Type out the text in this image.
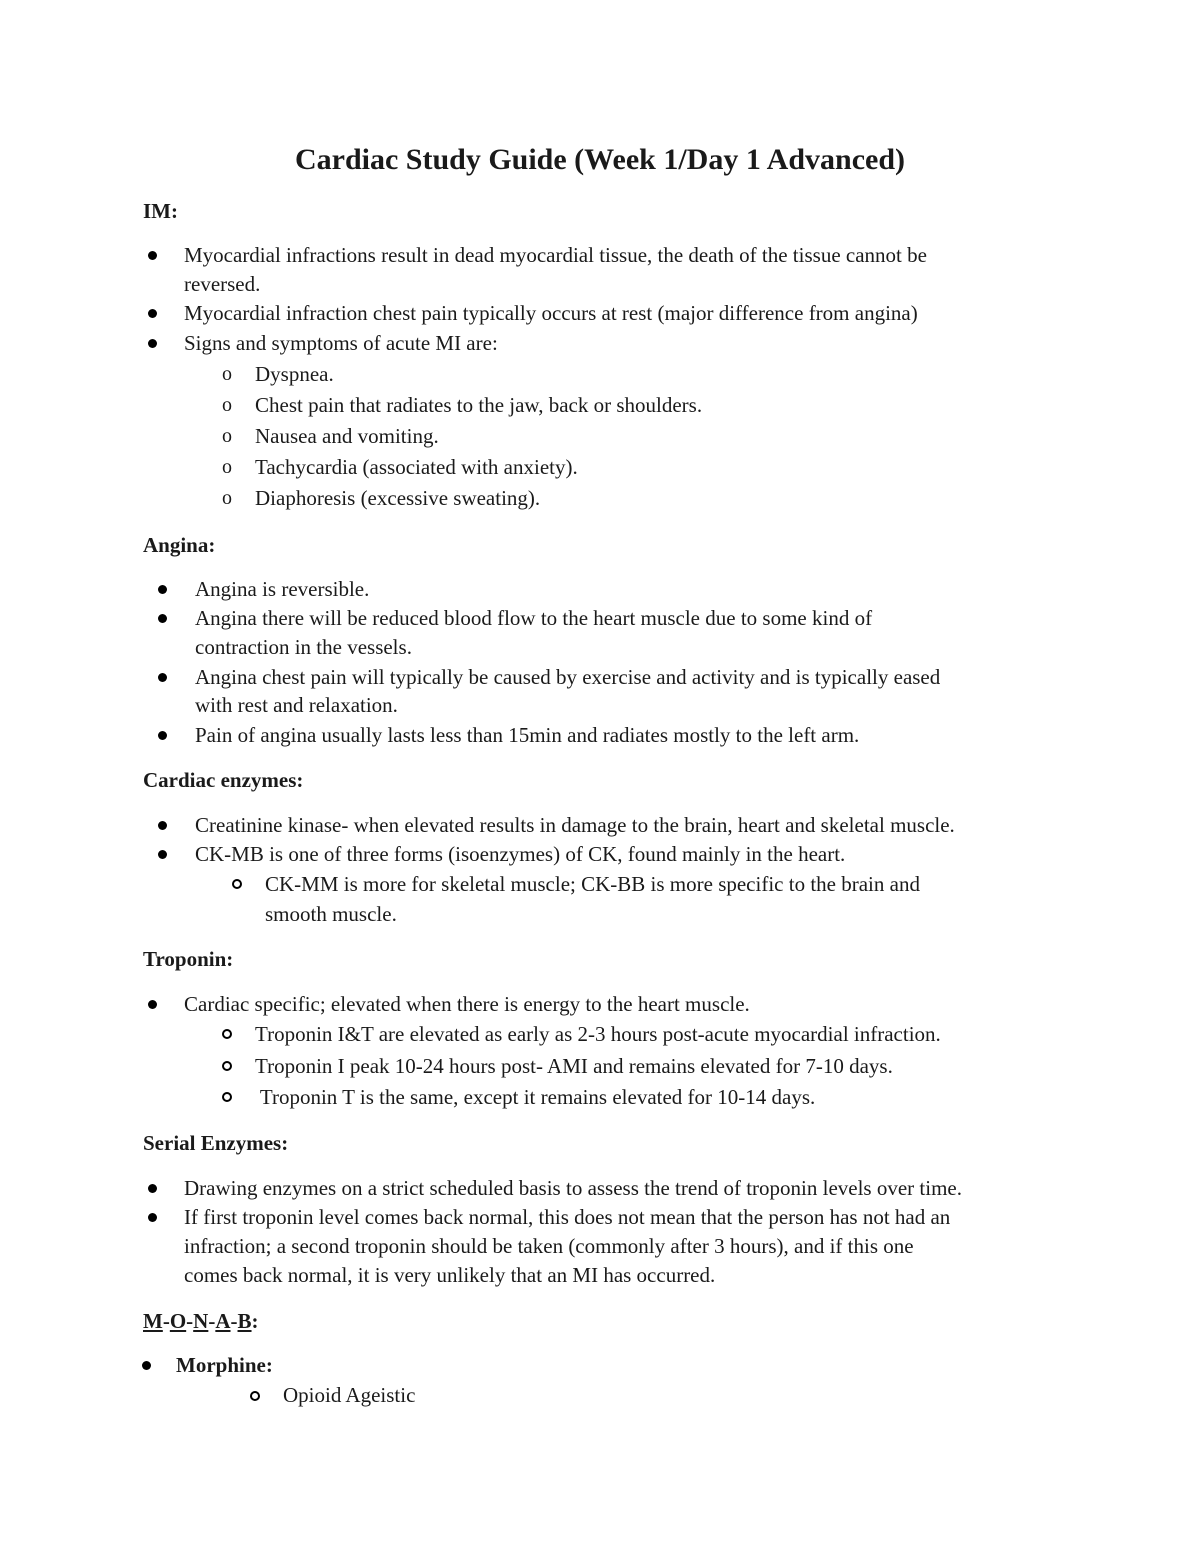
Cardiac Study Guide (Week 1/Day 1 Advanced)
IM:
Myocardial infractions result in dead myocardial tissue, the death of the tissue cannot be
reversed.
Myocardial infraction chest pain typically occurs at rest (major difference from angina)
Signs and symptoms of acute MI are:
o	Dyspnea.
o	Chest pain that radiates to the jaw, back or shoulders.
o	Nausea and vomiting.
o	Tachycardia (associated with anxiety).
o	Diaphoresis (excessive sweating).
Angina:
Angina is reversible.
Angina there will be reduced blood flow to the heart muscle due to some kind of
contraction in the vessels.
Angina chest pain will typically be caused by exercise and activity and is typically eased
with rest and relaxation.
Pain of angina usually lasts less than 15min and radiates mostly to the left arm.
Cardiac enzymes:
Creatinine kinase- when elevated results in damage to the brain, heart and skeletal muscle.
CK-MB is one of three forms (isoenzymes) of CK, found mainly in the heart.
CK-MM is more for skeletal muscle; CK-BB is more specific to the brain and
smooth muscle.
Troponin:
Cardiac specific; elevated when there is energy to the heart muscle.
Troponin I&T are elevated as early as 2-3 hours post-acute myocardial infraction.
Troponin I peak 10-24 hours post- AMI and remains elevated for 7-10 days.
Troponin T is the same, except it remains elevated for 10-14 days.
Serial Enzymes:
Drawing enzymes on a strict scheduled basis to assess the trend of troponin levels over time.
If first troponin level comes back normal, this does not mean that the person has not had an
infraction; a second troponin should be taken (commonly after 3 hours), and if this one
comes back normal, it is very unlikely that an MI has occurred.
M-O-N-A-B:
Morphine:
Opioid Ageistic
